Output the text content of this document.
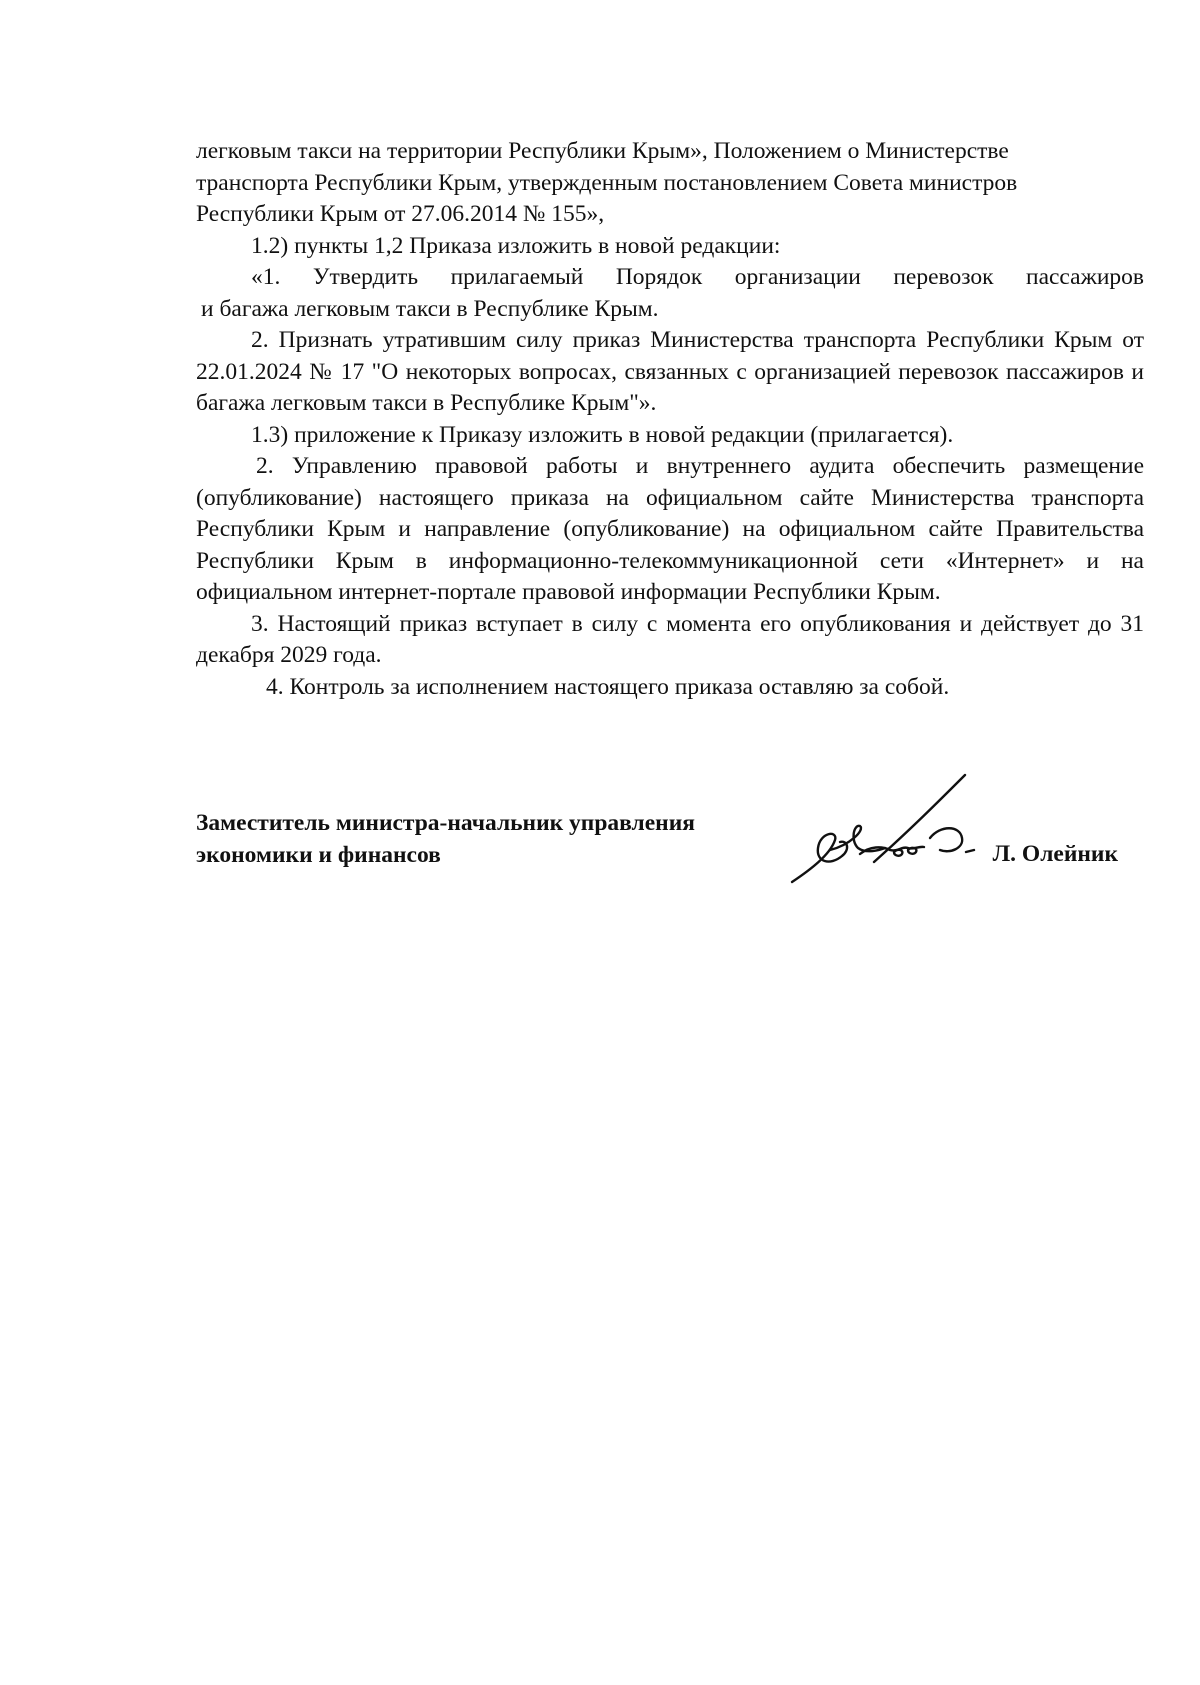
легковым такси на территории Республики Крым», Положением о Министерстве
транспорта Республики Крым, утвержденным постановлением Совета министров
Республики Крым от 27.06.2014 № 155»,

1.2) пункты 1,2 Приказа изложить в новой редакции:

«1. Утвердить прилагаемый Порядок организации перевозок пассажиров
и багажа легковым такси в Республике Крым.

2. Признать утратившим силу приказ Министерства транспорта Республики Крым от 22.01.2024 № 17 "О некоторых вопросах, связанных с организацией перевозок пассажиров и багажа легковым такси в Республике Крым"».

1.3) приложение к Приказу изложить в новой редакции (прилагается).

2. Управлению правовой работы и внутреннего аудита обеспечить размещение (опубликование) настоящего приказа на официальном сайте Министерства транспорта Республики Крым и направление (опубликование) на официальном сайте Правительства Республики Крым в информационно-телекоммуникационной сети «Интернет» и на официальном интернет-портале правовой информации Республики Крым.

3. Настоящий приказ вступает в силу с момента его опубликования и действует до 31 декабря 2029 года.

4. Контроль за исполнением настоящего приказа оставляю за собой.

Заместитель министра-начальник управления
экономики и финансов	Л. Олейник
